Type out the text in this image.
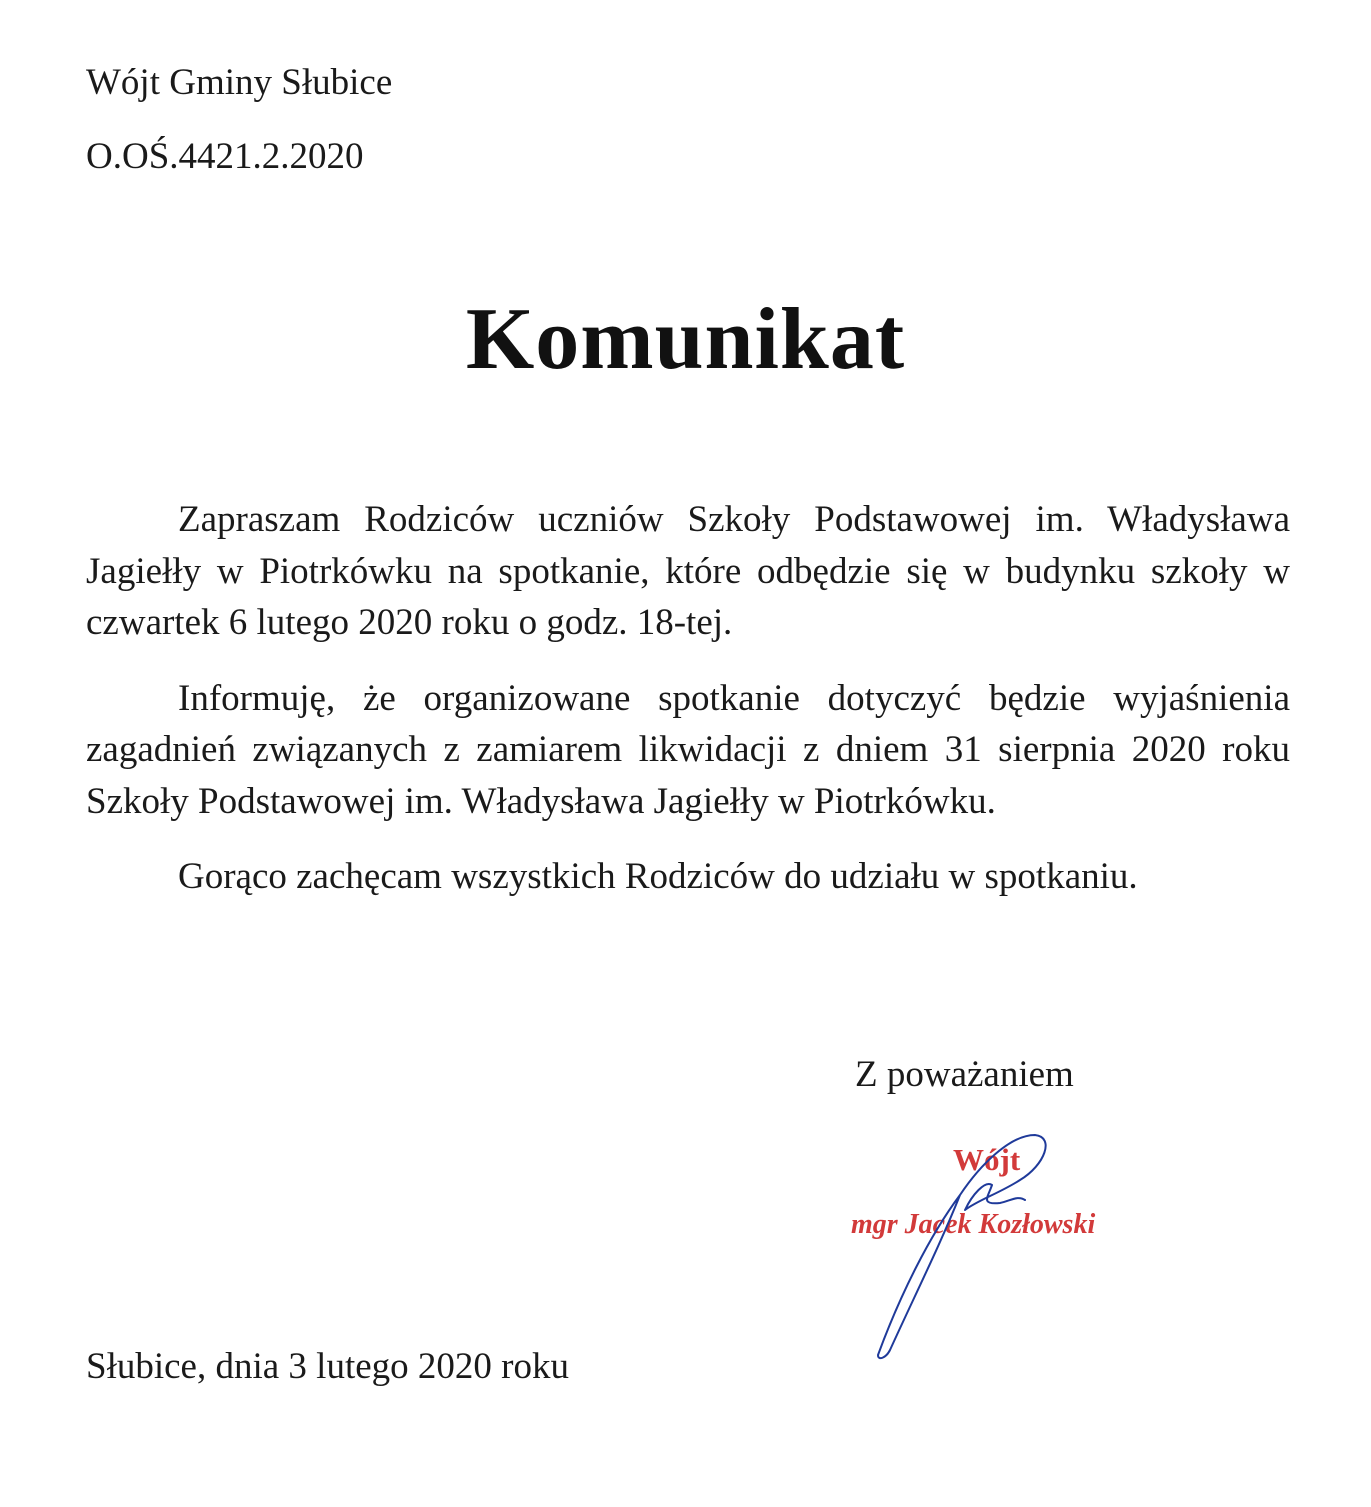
Wójt Gminy Słubice
O.OŚ.4421.2.2020
Komunikat

Zapraszam Rodziców uczniów Szkoły Podstawowej im. Władysława Jagiełły w Piotrkówku na spotkanie, które odbędzie się w budynku szkoły w czwartek 6 lutego 2020 roku o godz. 18-tej.

Informuję, że organizowane spotkanie dotyczyć będzie wyjaśnienia zagadnień związanych z zamiarem likwidacji z dniem 31 sierpnia 2020 roku Szkoły Podstawowej im. Władysława Jagiełły w Piotrkówku.

Gorąco zachęcam wszystkich Rodziców do udziału w spotkaniu.

Z poważaniem
Wójt
mgr Jacek Kozłowski
Słubice, dnia 3 lutego 2020 roku
